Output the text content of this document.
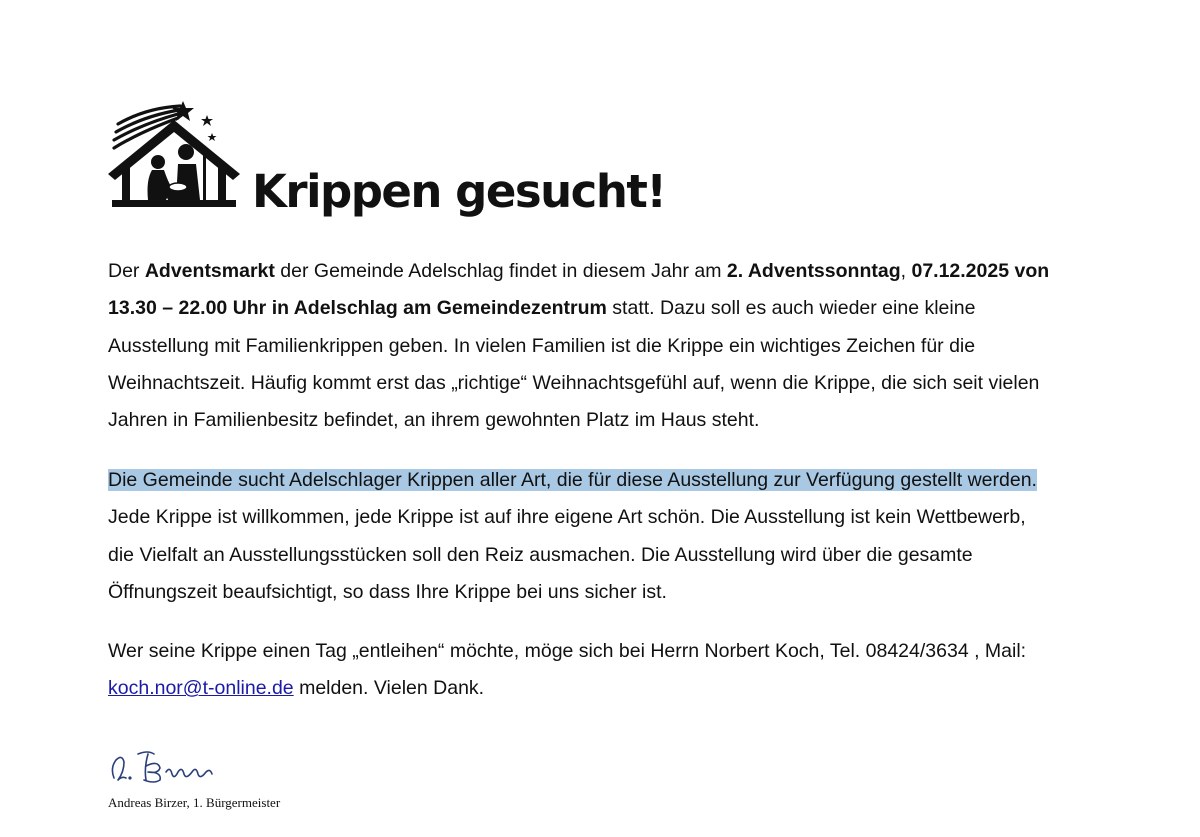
Krippen gesucht!
Der Adventsmarkt der Gemeinde Adelschlag findet in diesem Jahr am 2. Adventssonntag, 07.12.2025 von
13.30 – 22.00 Uhr in Adelschlag am Gemeindezentrum statt. Dazu soll es auch wieder eine kleine
Ausstellung mit Familienkrippen geben. In vielen Familien ist die Krippe ein wichtiges Zeichen für die
Weihnachtszeit. Häufig kommt erst das „richtige“ Weihnachtsgefühl auf, wenn die Krippe, die sich seit vielen
Jahren in Familienbesitz befindet, an ihrem gewohnten Platz im Haus steht.
Die Gemeinde sucht Adelschlager Krippen aller Art, die für diese Ausstellung zur Verfügung gestellt werden.
Jede Krippe ist willkommen, jede Krippe ist auf ihre eigene Art schön. Die Ausstellung ist kein Wettbewerb,
die Vielfalt an Ausstellungsstücken soll den Reiz ausmachen. Die Ausstellung wird über die gesamte
Öffnungszeit beaufsichtigt, so dass Ihre Krippe bei uns sicher ist.
Wer seine Krippe einen Tag „entleihen“ möchte, möge sich bei Herrn Norbert Koch, Tel. 08424/3634 , Mail:
koch.nor@t-online.de melden. Vielen Dank.
Andreas Birzer, 1. Bürgermeister
